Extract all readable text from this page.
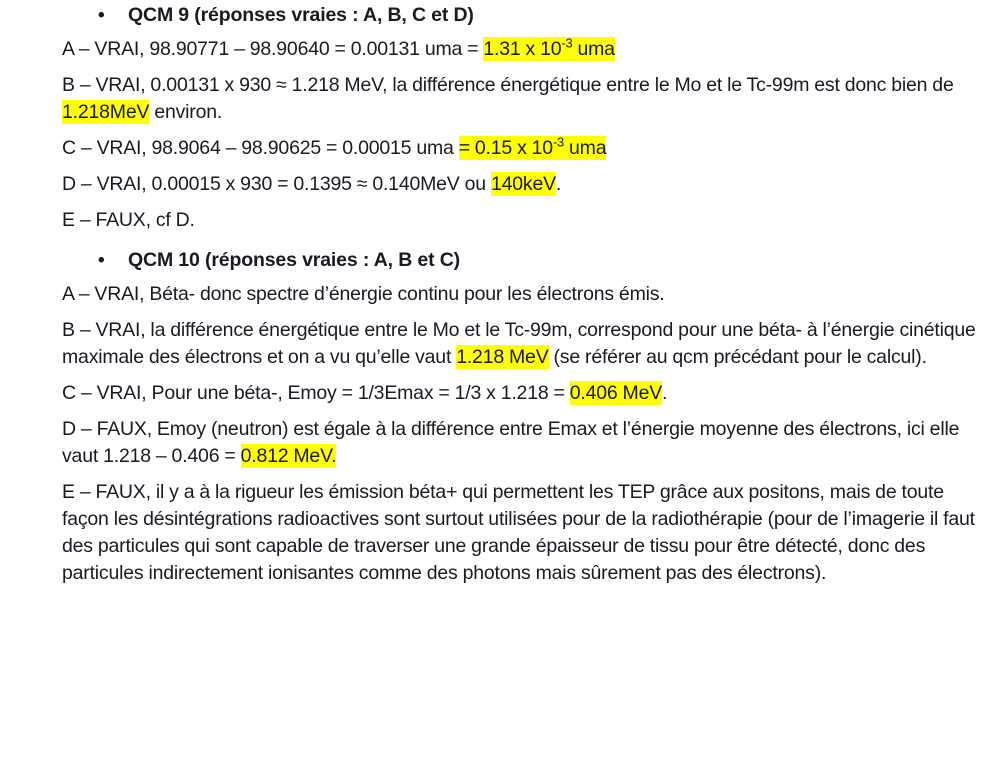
•	QCM 9 (réponses vraies : A, B, C et D)

A – VRAI, 98.90771 – 98.90640 = 0.00131 uma = 1.31 x $10^{-3}$ uma

B – VRAI, 0.00131 x 930 ≈ 1.218 MeV, la différence énergétique entre le Mo et le Tc-99m est donc bien de 1.218MeV environ.

C – VRAI, 98.9064 – 98.90625 = 0.00015 uma = 0.15 x $10^{-3}$ uma

D – VRAI, 0.00015 x 930 = 0.1395 ≈ 0.140MeV ou 140keV.

E – FAUX, cf D.

•	QCM 10 (réponses vraies : A, B et C)

A – VRAI, Béta- donc spectre d’énergie continu pour les électrons émis.

B – VRAI, la différence énergétique entre le Mo et le Tc-99m, correspond pour une béta- à l’énergie cinétique maximale des électrons et on a vu qu’elle vaut 1.218 MeV (se référer au qcm précédant pour le calcul).

C – VRAI, Pour une béta-, Emoy = 1/3Emax = 1/3 x 1.218 = 0.406 MeV.

D – FAUX, Emoy (neutron) est égale à la différence entre Emax et l’énergie moyenne des électrons, ici elle vaut 1.218 – 0.406 = 0.812 MeV.

E – FAUX, il y a à la rigueur les émission béta+ qui permettent les TEP grâce aux positons, mais de toute façon les désintégrations radioactives sont surtout utilisées pour de la radiothérapie (pour de l’imagerie il faut des particules qui sont capable de traverser une grande épaisseur de tissu pour être détecté, donc des particules indirectement ionisantes comme des photons mais sûrement pas des électrons).
